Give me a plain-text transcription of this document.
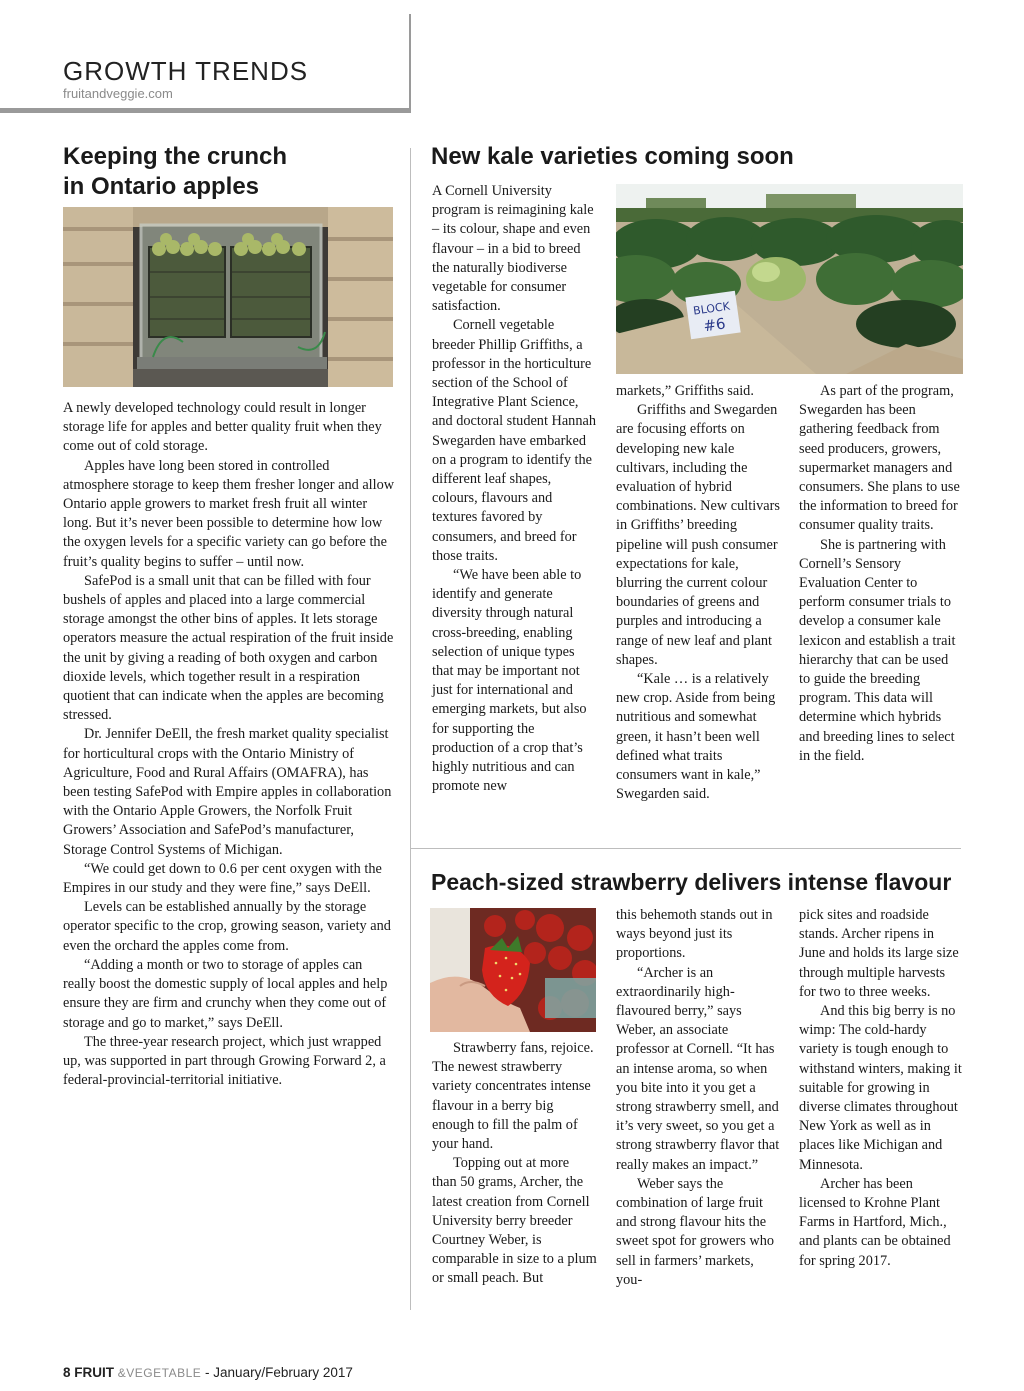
GROWTH TRENDS
fruitandveggie.com
Keeping the crunch
in Ontario apples

A newly developed technology could result in longer storage life for apples and better quality fruit when they come out of cold storage.

Apples have long been stored in controlled atmosphere storage to keep them fresher longer and allow Ontario apple growers to market fresh fruit all winter long. But it’s never been possible to determine how low the oxygen levels for a specific variety can go before the fruit’s quality begins to suffer – until now.

SafePod is a small unit that can be filled with four bushels of apples and placed into a large commercial storage amongst the other bins of apples. It lets storage operators measure the actual respiration of the fruit inside the unit by giving a reading of both oxygen and carbon dioxide levels, which together result in a respiration quotient that can indicate when the apples are becoming stressed.

Dr. Jennifer DeEll, the fresh market quality specialist for horticultural crops with the Ontario Ministry of Agriculture, Food and Rural Affairs (OMAFRA), has been testing SafePod with Empire apples in collaboration with the Ontario Apple Growers, the Norfolk Fruit Growers’ Association and SafePod’s manufacturer, Storage Control Systems of Michigan.

“We could get down to 0.6 per cent oxygen with the Empires in our study and they were fine,” says DeEll.

Levels can be established annually by the storage operator specific to the crop, growing season, variety and even the orchard the apples come from.

“Adding a month or two to storage of apples can really boost the domestic supply of local apples and help ensure they are firm and crunchy when they come out of storage and go to market,” says DeEll.

The three-year research project, which just wrapped up, was supported in part through Growing Forward 2, a federal-provincial-territorial initiative.

New kale varieties coming soon

A Cornell University program is reimagining kale – its colour, shape and even flavour – in a bid to breed the naturally biodiverse vegetable for consumer satisfaction.

Cornell vegetable breeder Phillip Griffiths, a professor in the horticulture section of the School of Integrative Plant Science, and doctoral student Hannah Swegarden have embarked on a program to identify the different leaf shapes, colours, flavours and textures favored by consumers, and breed for those traits.

“We have been able to identify and generate diversity through natural cross-breeding, enabling selection of unique types that may be important not just for international and emerging markets, but also for supporting the production of a crop that’s highly nutritious and can promote new

BLOCK
#6

markets,” Griffiths said.

Griffiths and Swegarden are focusing efforts on developing new kale cultivars, including the evaluation of hybrid combinations. New cultivars in Griffiths’ breeding pipeline will push consumer expectations for kale, blurring the current colour boundaries of greens and purples and introducing a range of new leaf and plant shapes.

“Kale … is a relatively new crop. Aside from being nutritious and somewhat green, it hasn’t been well defined what traits consumers want in kale,” Swegarden said.

As part of the program, Swegarden has been gathering feedback from seed producers, growers, supermarket managers and consumers. She plans to use the information to breed for consumer quality traits.

She is partnering with Cornell’s Sensory Evaluation Center to perform consumer trials to develop a consumer kale lexicon and establish a trait hierarchy that can be used to guide the breeding program. This data will determine which hybrids and breeding lines to select in the field.

Peach-sized strawberry delivers intense flavour

Strawberry fans, rejoice. The newest strawberry variety concentrates intense flavour in a berry big enough to fill the palm of your hand.

Topping out at more than 50 grams, Archer, the latest creation from Cornell University berry breeder Courtney Weber, is comparable in size to a plum or small peach. But

this behemoth stands out in ways beyond just its proportions.

“Archer is an extraordinarily high-flavoured berry,” says Weber, an associate professor at Cornell. “It has an intense aroma, so when you bite into it you get a strong strawberry smell, and it’s very sweet, so you get a strong strawberry flavor that really makes an impact.”

Weber says the combination of large fruit and strong flavour hits the sweet spot for growers who sell in farmers’ markets, you-

pick sites and roadside stands. Archer ripens in June and holds its large size through multiple harvests for two to three weeks.

And this big berry is no wimp: The cold-hardy variety is tough enough to withstand winters, making it suitable for growing in diverse climates throughout New York as well as in places like Michigan and Minnesota.

Archer has been licensed to Krohne Plant Farms in Hartford, Mich., and plants can be obtained for spring 2017.

8 FRUIT &VEGETABLE - January/February 2017
